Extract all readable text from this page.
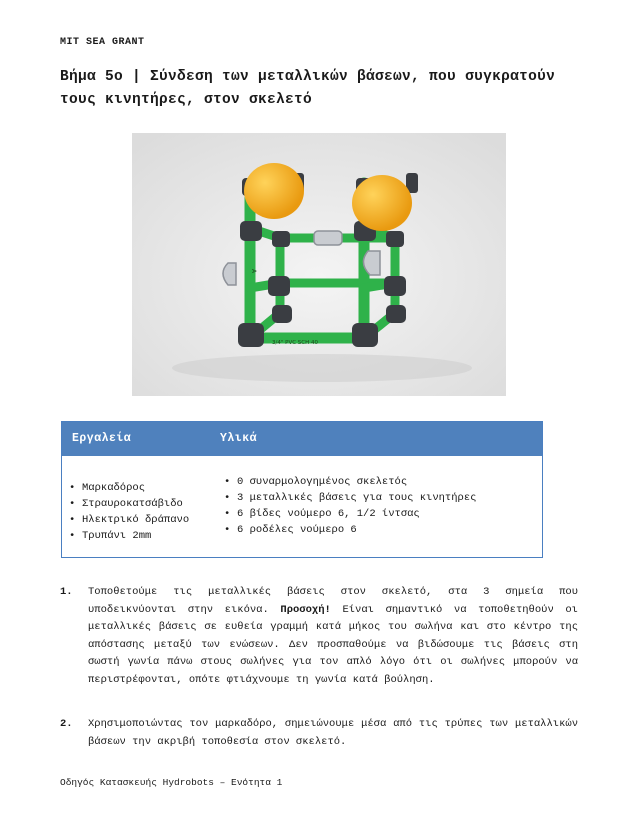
MIT SEA GRANT
Βήμα 5ο | Σύνδεση των μεταλλικών βάσεων, που συγκρατούν τους κινητήρες, στον σκελετό
A
3/4" PVC SCH 40
Εργαλεία	Υλικά
• Μαρκαδόρος
• Στραυροκατσάβιδο
• Ηλεκτρικό δράπανο
• Τρυπάνι 2mm
• 0 συναρμολογημένος σκελετός
• 3 μεταλλικές βάσεις για τους κινητήρες
• 6 βίδες νούμερο 6, 1/2 ίντσας
• 6 ροδέλες νούμερο 6
1. Τοποθετούμε τις μεταλλικές βάσεις στον σκελετό, στα 3 σημεία που υποδεικνύονται στην εικόνα. Προσοχή! Είναι σημαντικό να τοποθετηθούν οι μεταλλικές βάσεις σε ευθεία γραμμή κατά μήκος του σωλήνα και στο κέντρο της απόστασης μεταξύ των ενώσεων. Δεν προσπαθούμε να βιδώσουμε τις βάσεις στη σωστή γωνία πάνω στους σωλήνες για τον απλό λόγο ότι οι σωλήνες μπορούν να περιστρέφονται, οπότε φτιάχνουμε τη γωνία κατά βούληση.
2. Χρησιμοποιώντας τον μαρκαδόρο, σημειώνουμε μέσα από τις τρύπες των μεταλλικών βάσεων την ακριβή τοποθεσία στον σκελετό.
Οδηγός Κατασκευής Hydrobots – Ενότητα 1
